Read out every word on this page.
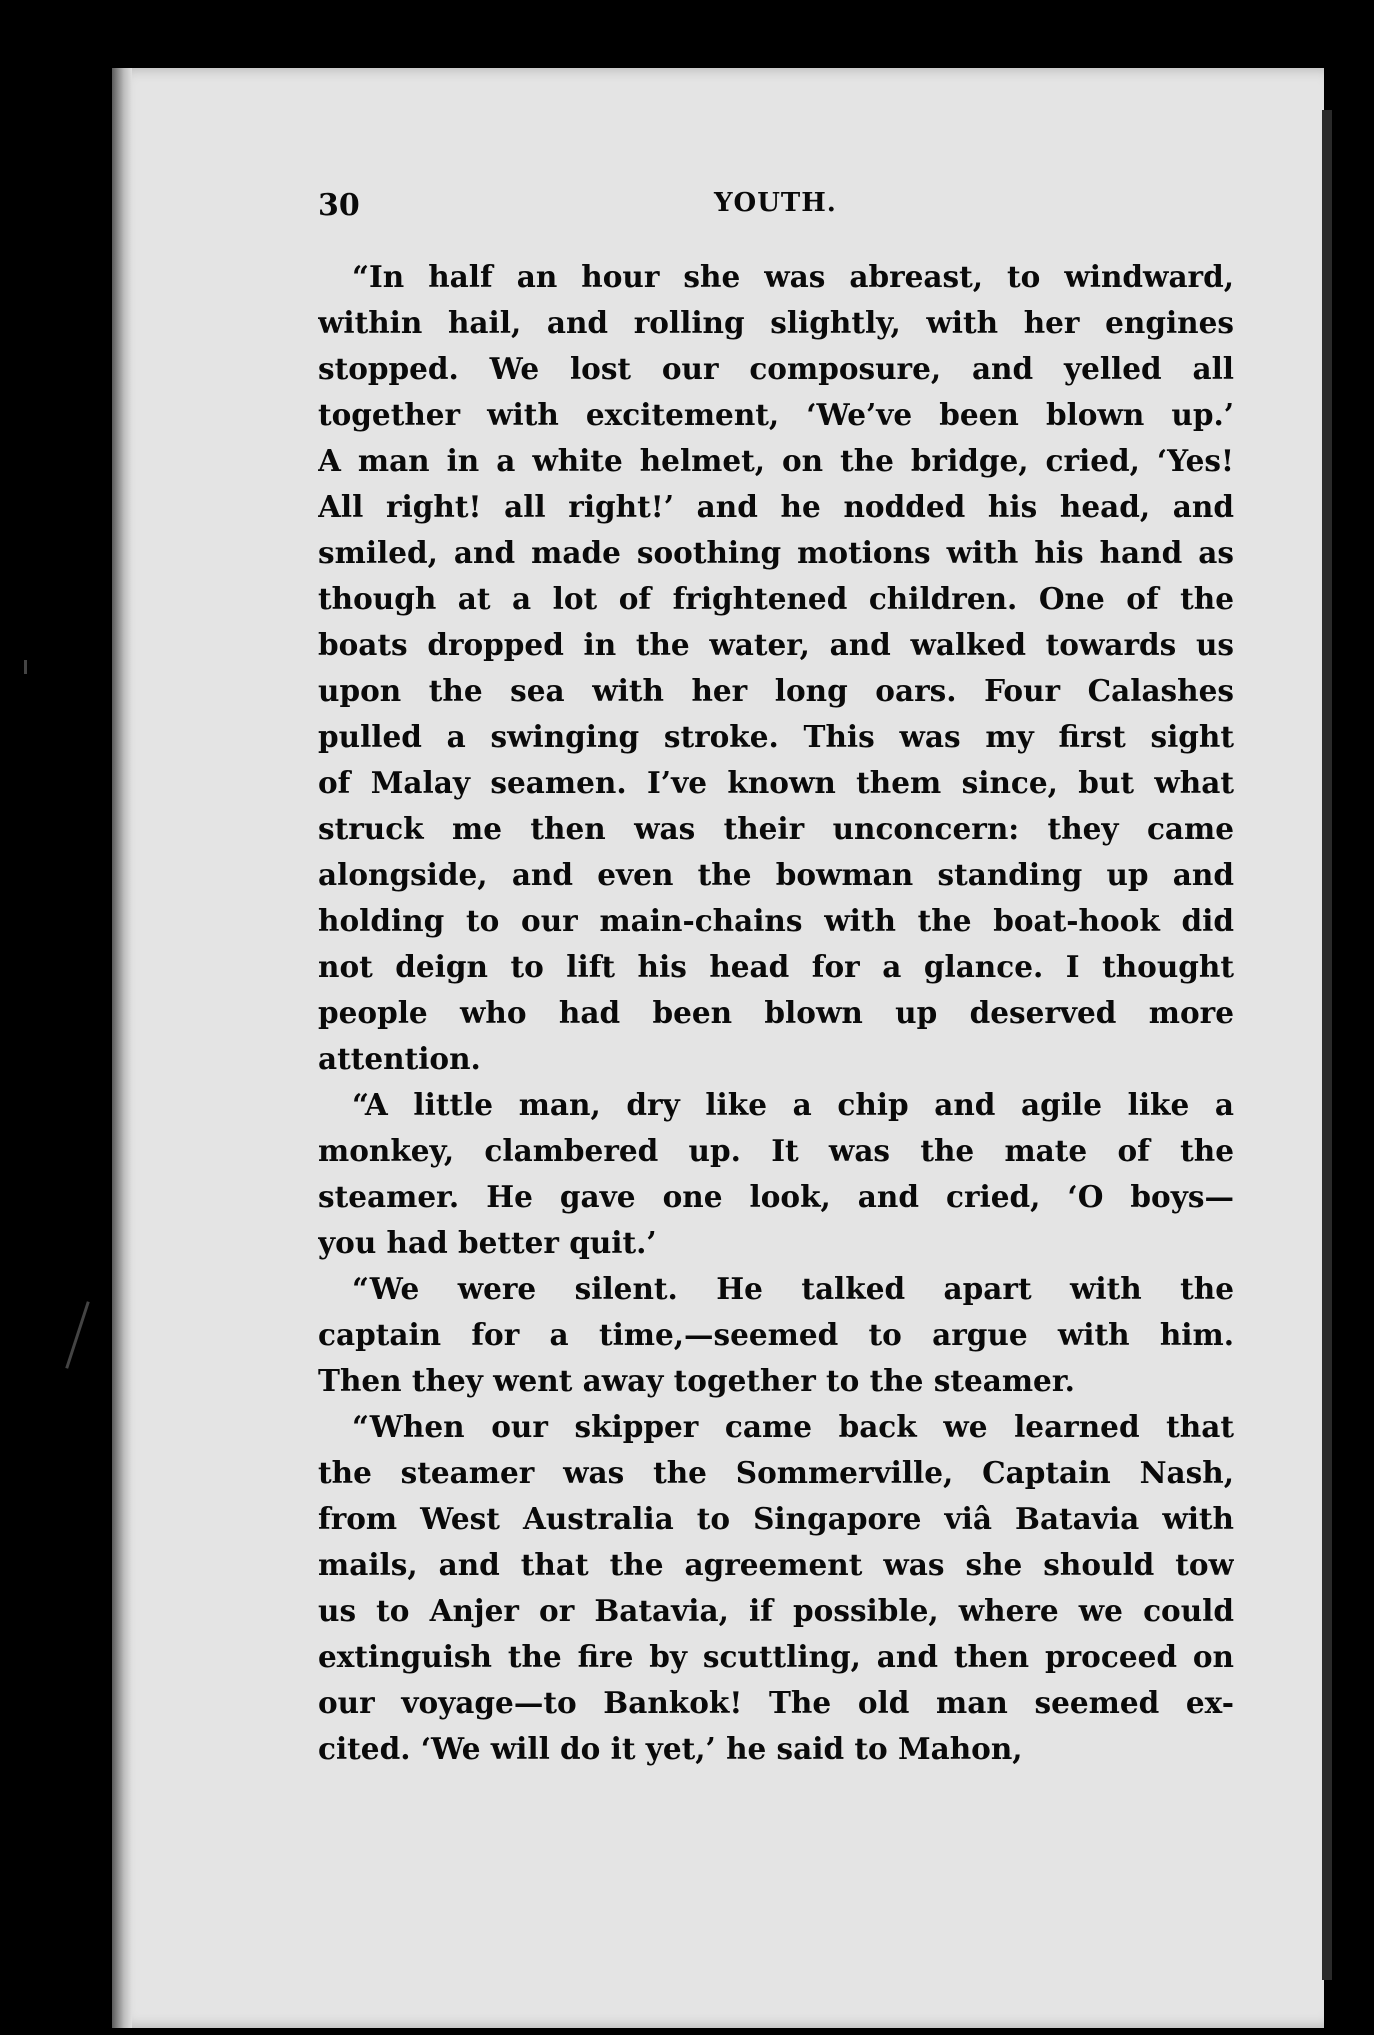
30	YOUTH.
“In half an hour she was abreast, to windward,
within hail, and rolling slightly, with her engines
stopped. We lost our composure, and yelled all
together with excitement, ‘We’ve been blown up.’
A man in a white helmet, on the bridge, cried, ‘Yes!
All right! all right!’ and he nodded his head, and
smiled, and made soothing motions with his hand as
though at a lot of frightened children. One of the
boats dropped in the water, and walked towards us
upon the sea with her long oars. Four Calashes
pulled a swinging stroke. This was my first sight
of Malay seamen. I’ve known them since, but what
struck me then was their unconcern: they came
alongside, and even the bowman standing up and
holding to our main-chains with the boat-hook did
not deign to lift his head for a glance. I thought
people who had been blown up deserved more
attention.
“A little man, dry like a chip and agile like a
monkey, clambered up. It was the mate of the
steamer. He gave one look, and cried, ‘O boys—
you had better quit.’
“We were silent. He talked apart with the
captain for a time,—seemed to argue with him.
Then they went away together to the steamer.
“When our skipper came back we learned that
the steamer was the Sommerville, Captain Nash,
from West Australia to Singapore viâ Batavia with
mails, and that the agreement was she should tow
us to Anjer or Batavia, if possible, where we could
extinguish the fire by scuttling, and then proceed on
our voyage—to Bankok! The old man seemed ex-
cited. ‘We will do it yet,’ he said to Mahon,
